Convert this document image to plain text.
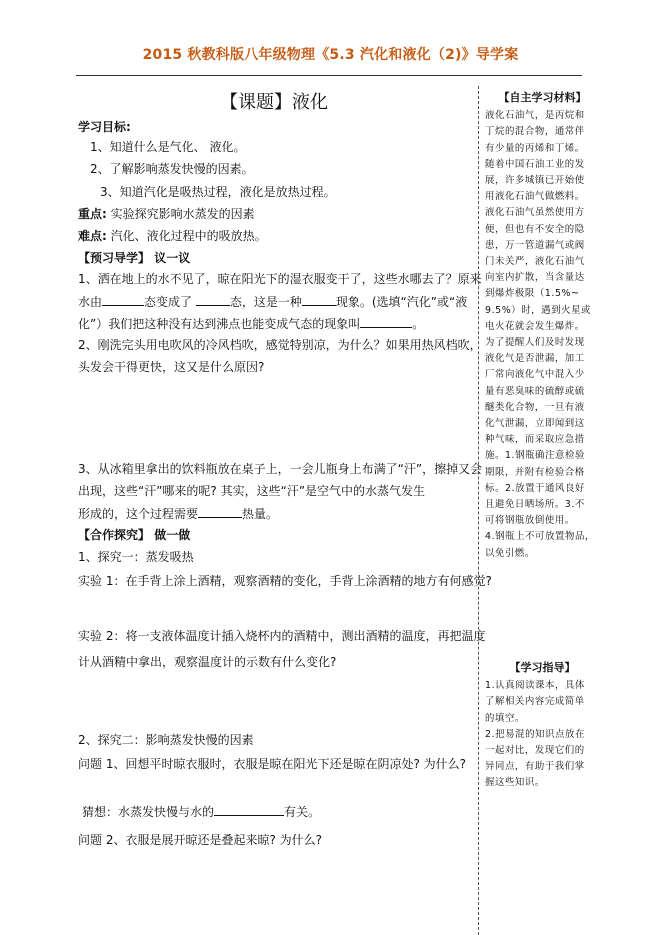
2015 秋教科版八年级物理《5.3 汽化和液化（2)》导学案
【课题】液化
学习目标:
1、知道什么是气化、 液化。
2、了解影响蒸发快慢的因素。
3、知道汽化是吸热过程，液化是放热过程。
重点: 实验探究影响水蒸发的因素
难点: 汽化、液化过程中的吸放热。
【预习导学】 议一议
1、洒在地上的水不见了，晾在阳光下的湿衣服变干了，这些水哪去了？原来
水由	态变成了	态，这是一种	现象。(选填“汽化”或“液
化”）我们把这种没有达到沸点也能变成气态的现象叫	。
2、刚洗完头用电吹风的冷风档吹，感觉特别凉，为什么？如果用热风档吹，
头发会干得更快，这又是什么原因?
3、从冰箱里拿出的饮料瓶放在桌子上，一会儿瓶身上布满了“汗”，擦掉又会
出现，这些“汗”哪来的呢? 其实，这些“汗”是空气中的水蒸气发生
形成的，这个过程需要	热量。
【合作探究】 做一做
1、探究一：蒸发吸热
实验 1：在手背上涂上酒精，观察酒精的变化，手背上涂酒精的地方有何感觉?
实验 2：将一支液体温度计插入烧杯内的酒精中，测出酒精的温度，再把温度
计从酒精中拿出，观察温度计的示数有什么变化?
2、探究二：影响蒸发快慢的因素
问题 1、回想平时晾衣服时，衣服是晾在阳光下还是晾在阴凉处? 为什么?
猜想：水蒸发快慢与水的	有关。
问题 2、衣服是展开晾还是叠起来晾? 为什么?
【自主学习材料】
液化石油气，是丙烷和
丁烷的混合物，通常伴
有少量的丙烯和丁烯。
随着中国石油工业的发
展，许多城镇已开始使
用液化石油气做燃料。
液化石油气虽然使用方
便，但也有不安全的隐
患，万一管道漏气或阀
门未关严，液化石油气
向室内扩散，当含量达
到爆炸极限（1.5%~
9.5%）时，遇到火星或
电火花就会发生爆炸。
为了提醒人们及时发现
液化气是否泄漏，加工
厂常向液化气中混入少
量有恶臭味的硫醇或硫
醚类化合物，一旦有液
化气泄漏，立即闻到这
种气味，而采取应急措
施。1.钢瓶确注意检验
期限，并附有检验合格
标。2.放置于通风良好
且避免日晒场所。3.不
可将钢瓶放倒使用。
4.钢瓶上不可放置物品，
以免引燃。
【学习指导】
1.认真阅读课本，具体
了解相关内容完成简单
的填空。
2.把易混的知识点放在
一起对比，发现它们的
异同点，有助于我们掌
握这些知识。
